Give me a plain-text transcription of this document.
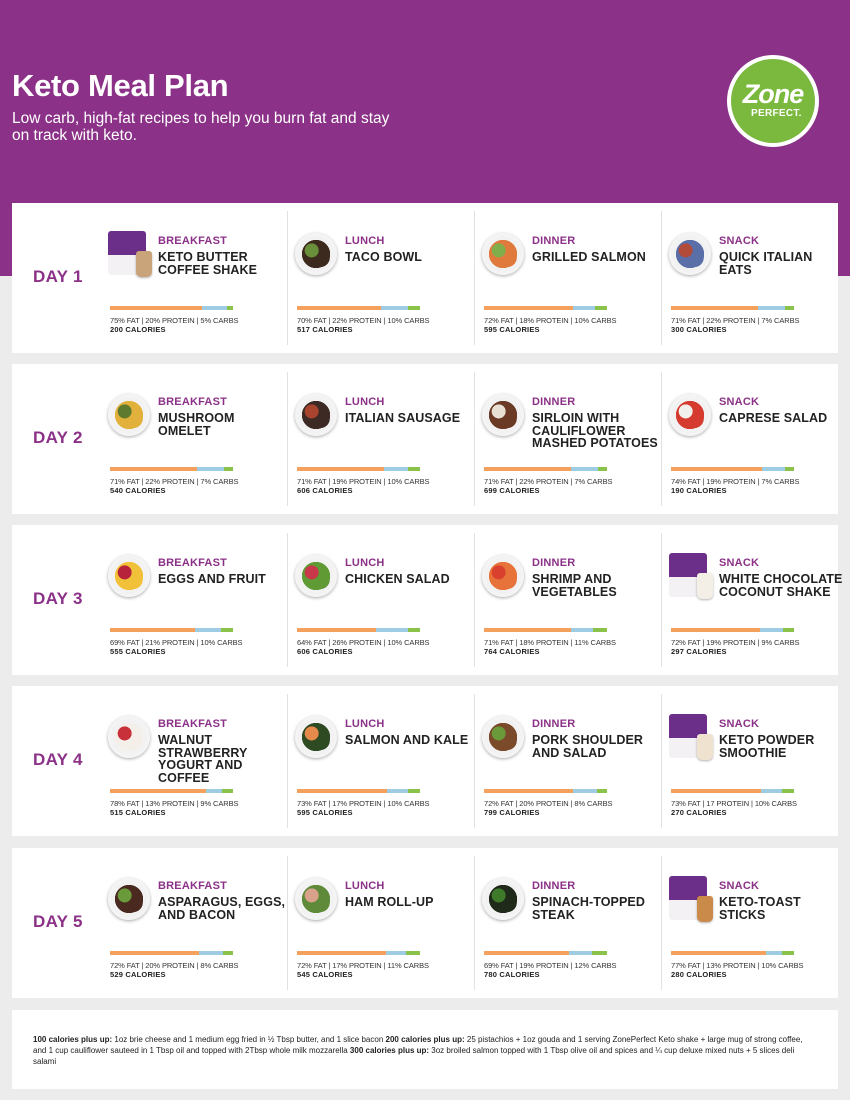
Keto Meal Plan
Low carb, high-fat recipes to help you burn fat and stay on track with keto.
Zone
PERFECT.
DAY 1
BREAKFAST
KETO BUTTER COFFEE SHAKE
75% FAT | 20% PROTEIN | 5% CARBS
200 CALORIES
LUNCH
TACO BOWL
70% FAT | 22% PROTEIN | 10% CARBS
517 CALORIES
DINNER
GRILLED SALMON
72% FAT | 18% PROTEIN | 10% CARBS
595 CALORIES
SNACK
QUICK ITALIAN EATS
71% FAT | 22% PROTEIN | 7% CARBS
300 CALORIES
DAY 2
BREAKFAST
MUSHROOM OMELET
71% FAT | 22% PROTEIN | 7% CARBS
540 CALORIES
LUNCH
ITALIAN SAUSAGE
71% FAT | 19% PROTEIN | 10% CARBS
606 CALORIES
DINNER
SIRLOIN WITH CAULIFLOWER MASHED POTATOES
71% FAT | 22% PROTEIN | 7% CARBS
699 CALORIES
SNACK
CAPRESE SALAD
74% FAT | 19% PROTEIN | 7% CARBS
190 CALORIES
DAY 3
BREAKFAST
EGGS AND FRUIT
69% FAT | 21% PROTEIN | 10% CARBS
555 CALORIES
LUNCH
CHICKEN SALAD
64% FAT | 26% PROTEIN | 10% CARBS
606 CALORIES
DINNER
SHRIMP AND VEGETABLES
71% FAT | 18% PROTEIN | 11% CARBS
764 CALORIES
SNACK
WHITE CHOCOLATE COCONUT SHAKE
72% FAT | 19% PROTEIN | 9% CARBS
297 CALORIES
DAY 4
BREAKFAST
WALNUT STRAWBERRY YOGURT AND COFFEE
78% FAT | 13% PROTEIN | 9% CARBS
515 CALORIES
LUNCH
SALMON AND KALE
73% FAT | 17% PROTEIN | 10% CARBS
595 CALORIES
DINNER
PORK SHOULDER AND SALAD
72% FAT | 20% PROTEIN | 8% CARBS
799 CALORIES
SNACK
KETO POWDER SMOOTHIE
73% FAT | 17 PROTEIN | 10% CARBS
270 CALORIES
DAY 5
BREAKFAST
ASPARAGUS, EGGS, AND BACON
72% FAT | 20% PROTEIN | 8% CARBS
529 CALORIES
LUNCH
HAM ROLL-UP
72% FAT | 17% PROTEIN | 11% CARBS
545 CALORIES
DINNER
SPINACH-TOPPED STEAK
69% FAT | 19% PROTEIN | 12% CARBS
780 CALORIES
SNACK
KETO-TOAST STICKS
77% FAT | 13% PROTEIN | 10% CARBS
280 CALORIES
100 calories plus up: 1oz brie cheese and 1 medium egg fried in ½ Tbsp butter, and 1 slice bacon 200 calories plus up: 25 pistachios + 1oz gouda and 1 serving ZonePerfect Keto shake + large mug of strong coffee, and 1 cup cauliflower sauteed in 1 Tbsp oil and topped with 2Tbsp whole milk mozzarella 300 calories plus up: 3oz broiled salmon topped with 1 Tbsp olive oil and spices and ¼ cup deluxe mixed nuts + 5 slices deli salami
